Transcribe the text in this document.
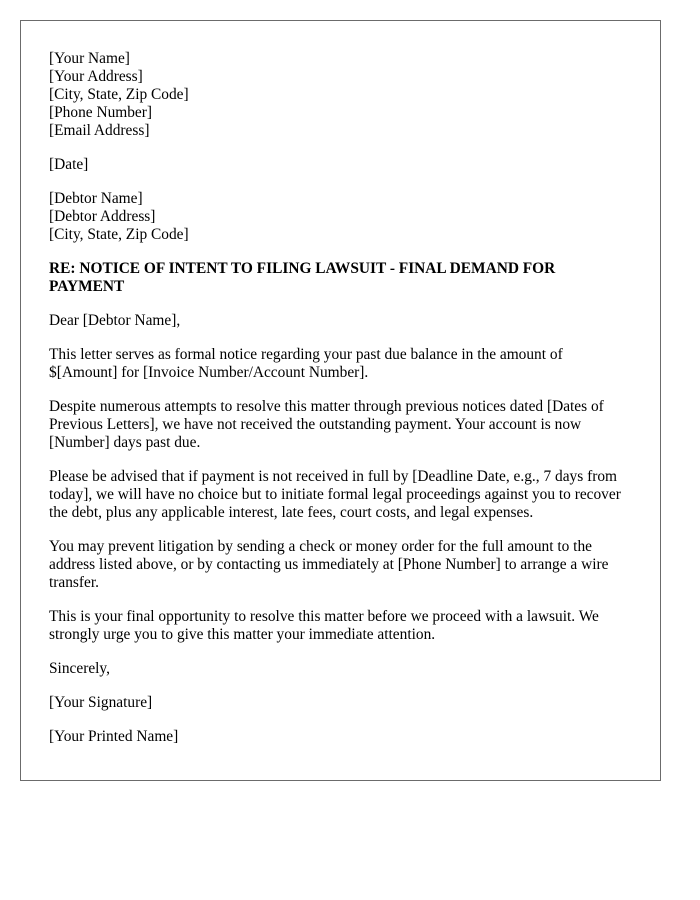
[Your Name]
[Your Address]
[City, State, Zip Code]
[Phone Number]
[Email Address]
[Date]
[Debtor Name]
[Debtor Address]
[City, State, Zip Code]
RE: NOTICE OF INTENT TO FILING LAWSUIT - FINAL DEMAND FOR PAYMENT

Dear [Debtor Name],

This letter serves as formal notice regarding your past due balance in the amount of $[Amount] for [Invoice Number/Account Number].

Despite numerous attempts to resolve this matter through previous notices dated [Dates of Previous Letters], we have not received the outstanding payment. Your account is now [Number] days past due.

Please be advised that if payment is not received in full by [Deadline Date, e.g., 7 days from today], we will have no choice but to initiate formal legal proceedings against you to recover the debt, plus any applicable interest, late fees, court costs, and legal expenses.

You may prevent litigation by sending a check or money order for the full amount to the address listed above, or by contacting us immediately at [Phone Number] to arrange a wire transfer.

This is your final opportunity to resolve this matter before we proceed with a lawsuit. We strongly urge you to give this matter your immediate attention.

Sincerely,

[Your Signature]

[Your Printed Name]
